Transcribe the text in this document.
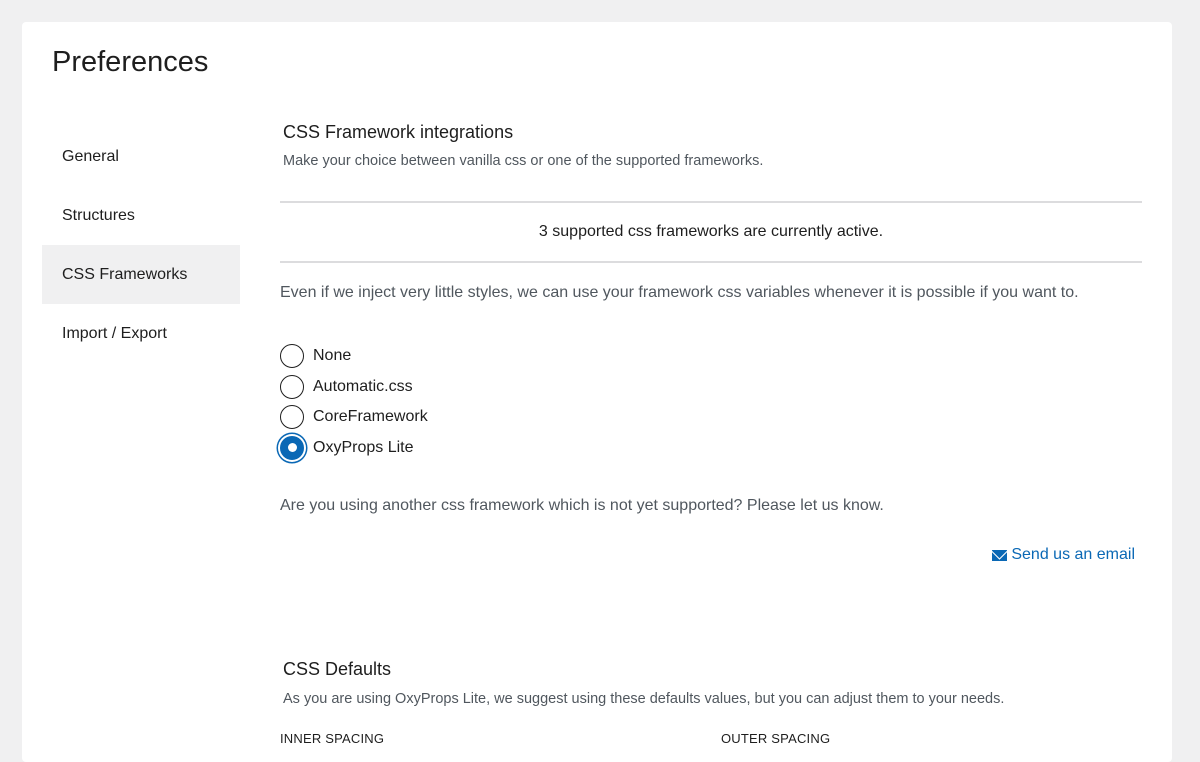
Preferences
General
Structures
CSS Frameworks
Import / Export
CSS Framework integrations
Make your choice between vanilla css or one of the supported frameworks.
3 supported css frameworks are currently active.
Even if we inject very little styles, we can use your framework css variables whenever it is possible if you want to.
None
Automatic.css
CoreFramework
OxyProps Lite
Are you using another css framework which is not yet supported? Please let us know.
Send us an email
CSS Defaults
As you are using OxyProps Lite, we suggest using these defaults values, but you can adjust them to your needs.
INNER SPACING	OUTER SPACING
